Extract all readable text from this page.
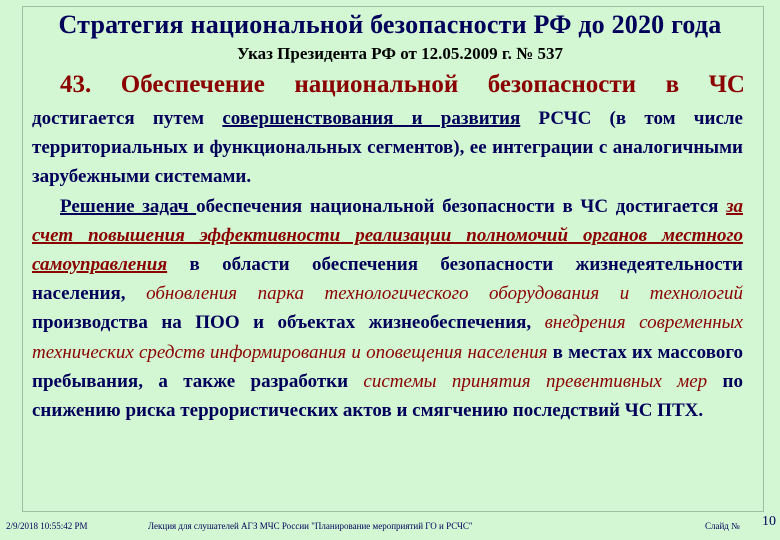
Стратегия национальной безопасности РФ до 2020 года
Указ Президента РФ от 12.05.2009 г. № 537
43. Обеспечение национальной безопасности в ЧС

достигается путем совершенствования и развития РСЧС (в том числе территориальных и функциональных сегментов), ее интеграции с аналогичными зарубежными системами.

Решение задач обеспечения национальной безопасности в ЧС достигается за счет повышения эффективности реализации полномочий органов местного самоуправления в области обеспечения безопасности жизнедеятельности населения, обновления парка технологического оборудования и технологий производства на ПОО и объектах жизнеобеспечения, внедрения современных технических средств информирования и оповещения населения в местах их массового пребывания, а также разработки системы принятия превентивных мер по снижению риска террористических актов и смягчению последствий ЧС ПТХ.

2/9/2018 10:55:42 PM	Лекция для слушателей АГЗ МЧС России "Планирование мероприятий ГО и РСЧС"	Слайд № 10
